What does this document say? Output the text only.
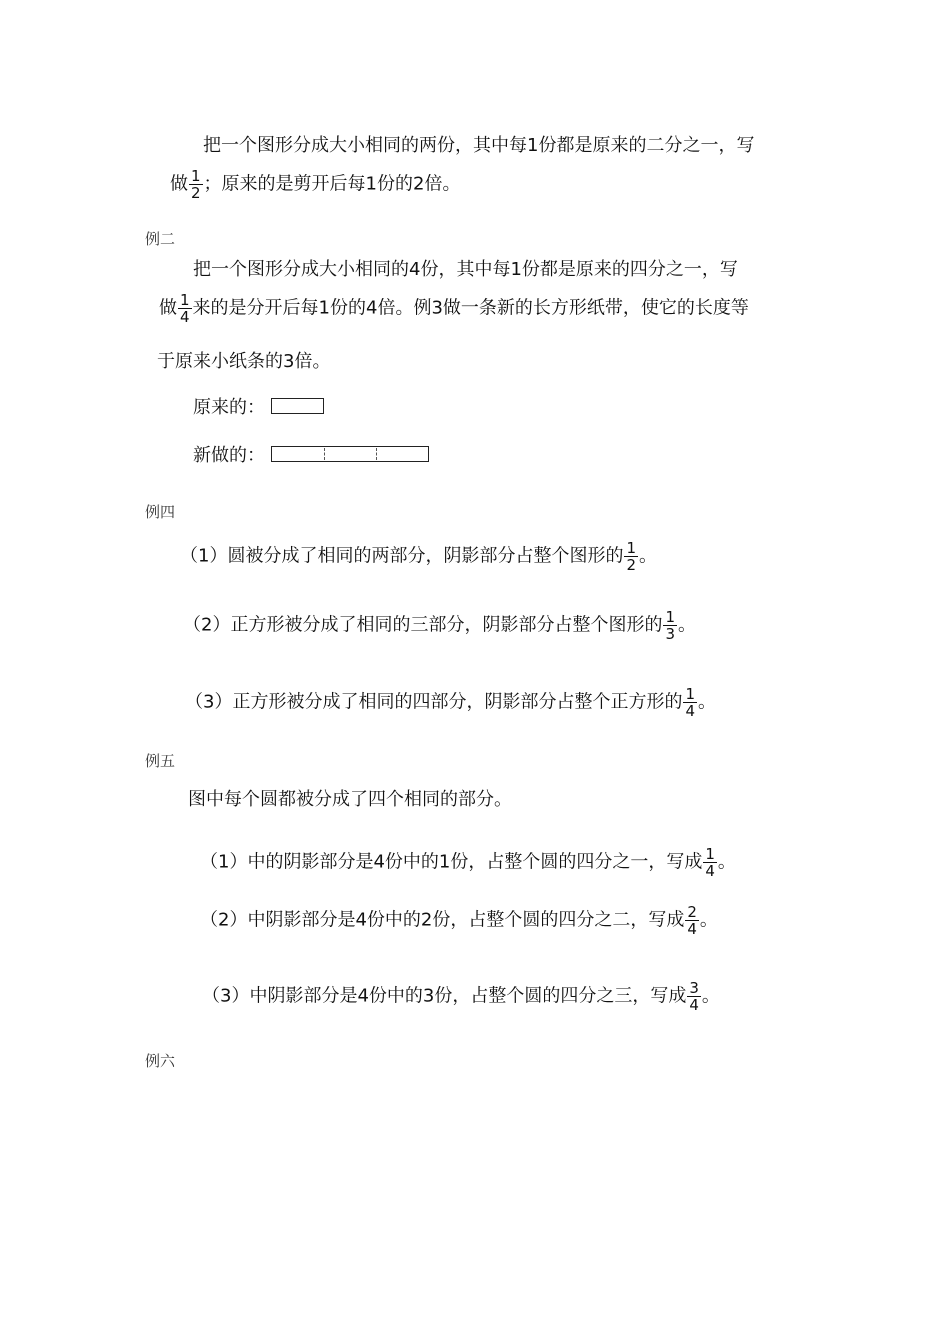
把一个图形分成大小相同的两份，其中每1份都是原来的二分之一，写
做 $\frac{1}{2}$ ；原来的是剪开后每1份的2倍。
例二
把一个图形分成大小相同的4份，其中每1份都是原来的四分之一，写
做 $\frac{1}{4}$ 来的是分开后每1份的4倍。例3做一条新的长方形纸带，使它的长度等
于原来小纸条的3倍。
原来的：
新做的：
例四
（1）圆被分成了相同的两部分，阴影部分占整个图形的 $\frac{1}{2}$ 。
（2）正方形被分成了相同的三部分，阴影部分占整个图形的 $\frac{1}{3}$ 。
（3）正方形被分成了相同的四部分，阴影部分占整个正方形的 $\frac{1}{4}$ 。
例五
图中每个圆都被分成了四个相同的部分。
（1）中的阴影部分是4份中的1份，占整个圆的四分之一，写成 $\frac{1}{4}$ 。
（2）中阴影部分是4份中的2份，占整个圆的四分之二，写成 $\frac{2}{4}$ 。
（3）中阴影部分是4份中的3份，占整个圆的四分之三，写成 $\frac{3}{4}$ 。
例六
